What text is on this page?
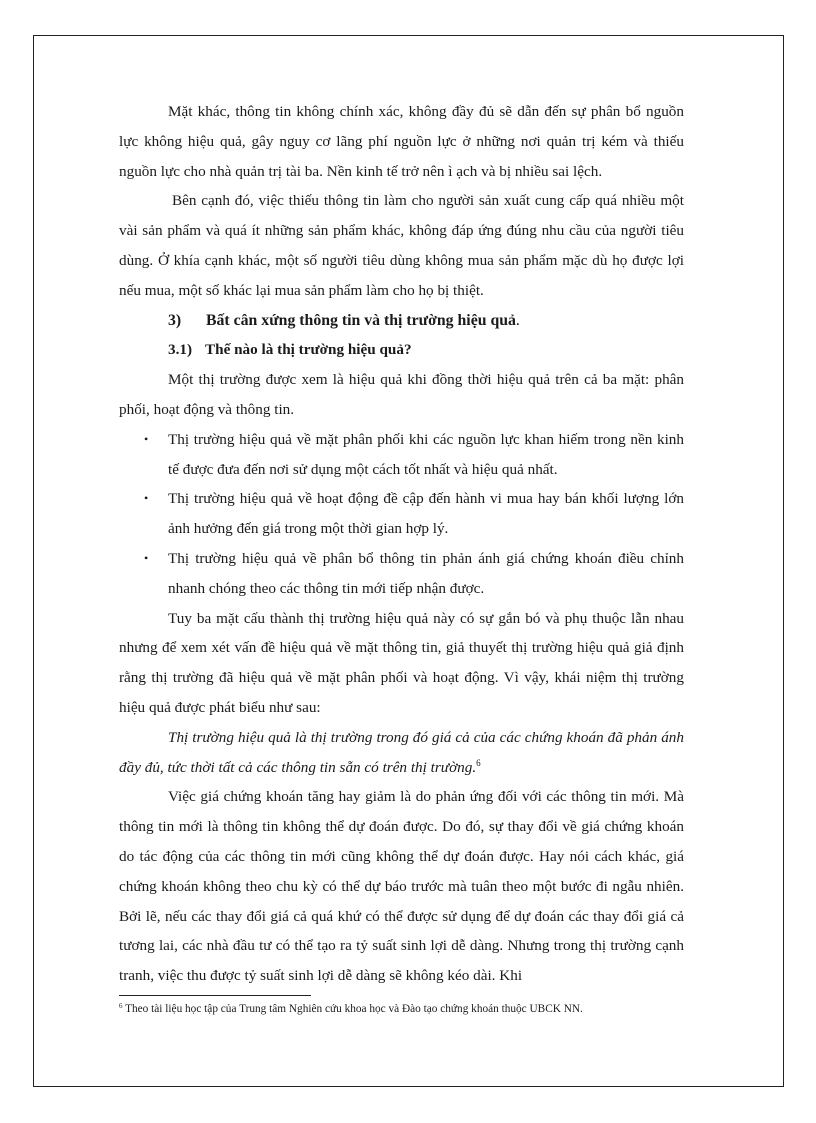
Mặt khác, thông tin không chính xác, không đầy đủ sẽ dẫn đến sự phân bổ nguồn lực không hiệu quả, gây nguy cơ lãng phí nguồn lực ở những nơi quản trị kém và thiếu nguồn lực cho nhà quản trị tài ba. Nền kinh tế trở nên ì ạch và bị nhiều sai lệch.

Bên cạnh đó, việc thiếu thông tin làm cho người sản xuất cung cấp quá nhiều một vài sản phẩm và quá ít những sản phẩm khác, không đáp ứng đúng nhu cầu của người tiêu dùng. Ở khía cạnh khác, một số người tiêu dùng không mua sản phẩm mặc dù họ được lợi nếu mua, một số khác lại mua sản phẩm làm cho họ bị thiệt.

3) Bất cân xứng thông tin và thị trường hiệu quả.

3.1) Thế nào là thị trường hiệu quả?

Một thị trường được xem là hiệu quả khi đồng thời hiệu quả trên cả ba mặt: phân phối, hoạt động và thông tin.

• Thị trường hiệu quả về mặt phân phối khi các nguồn lực khan hiếm trong nền kinh tế được đưa đến nơi sử dụng một cách tốt nhất và hiệu quả nhất.
• Thị trường hiệu quả về hoạt động đề cập đến hành vi mua hay bán khối lượng lớn ảnh hưởng đến giá trong một thời gian hợp lý.
• Thị trường hiệu quả về phân bổ thông tin phản ánh giá chứng khoán điều chỉnh nhanh chóng theo các thông tin mới tiếp nhận được.

Tuy ba mặt cấu thành thị trường hiệu quả này có sự gắn bó và phụ thuộc lẫn nhau nhưng để xem xét vấn đề hiệu quả về mặt thông tin, giả thuyết thị trường hiệu quả giả định rằng thị trường đã hiệu quả về mặt phân phối và hoạt động. Vì vậy, khái niệm thị trường hiệu quả được phát biểu như sau:

Thị trường hiệu quả là thị trường trong đó giá cả của các chứng khoán đã phản ánh đầy đủ, tức thời tất cả các thông tin sẵn có trên thị trường.$^6$

Việc giá chứng khoán tăng hay giảm là do phản ứng đối với các thông tin mới. Mà thông tin mới là thông tin không thể dự đoán được. Do đó, sự thay đổi về giá chứng khoán do tác động của các thông tin mới cũng không thể dự đoán được. Hay nói cách khác, giá chứng khoán không theo chu kỳ có thể dự báo trước mà tuân theo một bước đi ngẫu nhiên. Bởi lẽ, nếu các thay đổi giá cả quá khứ có thể được sử dụng để dự đoán các thay đổi giá cả tương lai, các nhà đầu tư có thể tạo ra tỷ suất sinh lợi dễ dàng. Nhưng trong thị trường cạnh tranh, việc thu được tỷ suất sinh lợi dễ dàng sẽ không kéo dài. Khi

$^6$ Theo tài liệu học tập của Trung tâm Nghiên cứu khoa học và Đào tạo chứng khoán thuộc UBCK NN.
